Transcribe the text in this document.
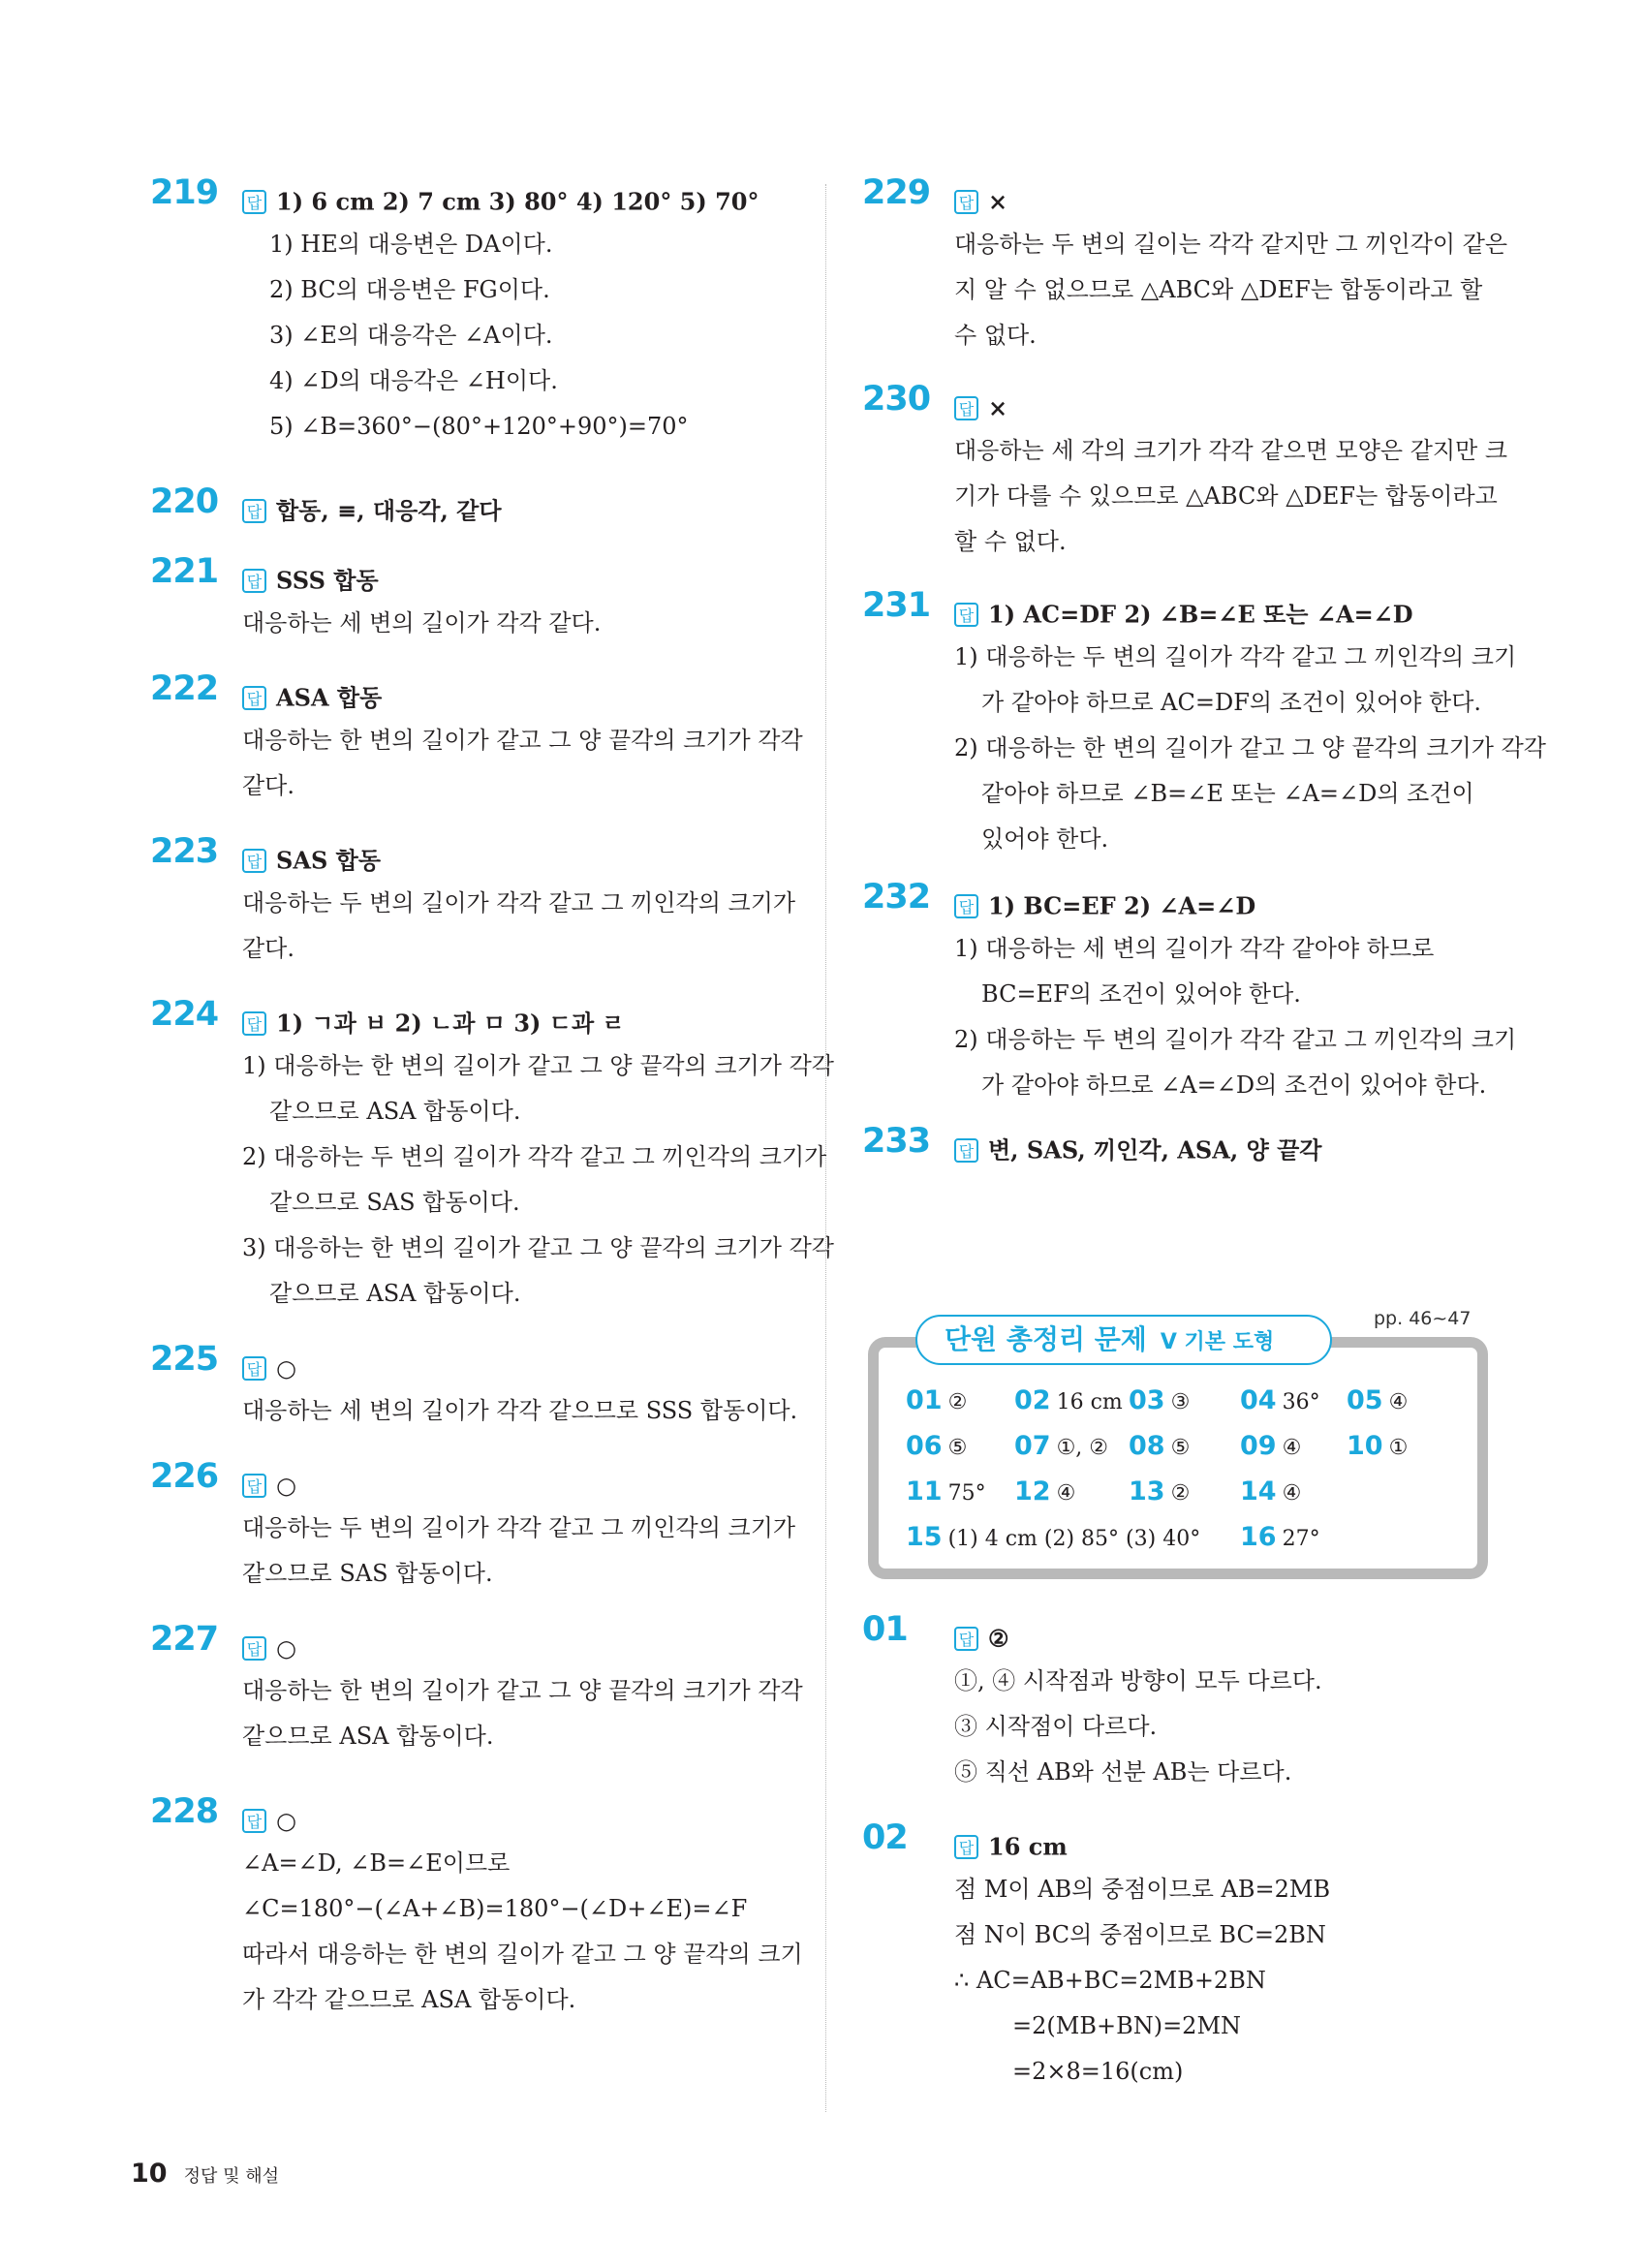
219 답 1) 6 cm 2) 7 cm 3) 80° 4) 120° 5) 70°
1) HE의 대응변은 DA이다.
2) BC의 대응변은 FG이다.
3) ∠E의 대응각은 ∠A이다.
4) ∠D의 대응각은 ∠H이다.
5) ∠B=360°−(80°+120°+90°)=70°
220 답 합동, ≡, 대응각, 같다
221 답 SSS 합동
대응하는 세 변의 길이가 각각 같다.
222 답 ASA 합동
대응하는 한 변의 길이가 같고 그 양 끝각의 크기가 각각
같다.
223 답 SAS 합동
대응하는 두 변의 길이가 각각 같고 그 끼인각의 크기가
같다.
224 답 1) ㄱ과 ㅂ 2) ㄴ과 ㅁ 3) ㄷ과 ㄹ
1) 대응하는 한 변의 길이가 같고 그 양 끝각의 크기가 각각
같으므로 ASA 합동이다.
2) 대응하는 두 변의 길이가 각각 같고 그 끼인각의 크기가
같으므로 SAS 합동이다.
3) 대응하는 한 변의 길이가 같고 그 양 끝각의 크기가 각각
같으므로 ASA 합동이다.
225 답 ○
대응하는 세 변의 길이가 각각 같으므로 SSS 합동이다.
226 답 ○
대응하는 두 변의 길이가 각각 같고 그 끼인각의 크기가
같으므로 SAS 합동이다.
227 답 ○
대응하는 한 변의 길이가 같고 그 양 끝각의 크기가 각각
같으므로 ASA 합동이다.
228 답 ○
∠A=∠D, ∠B=∠E이므로
∠C=180°−(∠A+∠B)=180°−(∠D+∠E)=∠F
따라서 대응하는 한 변의 길이가 같고 그 양 끝각의 크기
가 각각 같으므로 ASA 합동이다.
229 답 ×
대응하는 두 변의 길이는 각각 같지만 그 끼인각이 같은
지 알 수 없으므로 △ABC와 △DEF는 합동이라고 할
수 없다.
230 답 ×
대응하는 세 각의 크기가 각각 같으면 모양은 같지만 크
기가 다를 수 있으므로 △ABC와 △DEF는 합동이라고
할 수 없다.
231 답 1) AC=DF 2) ∠B=∠E 또는 ∠A=∠D
1) 대응하는 두 변의 길이가 각각 같고 그 끼인각의 크기
가 같아야 하므로 AC=DF의 조건이 있어야 한다.
2) 대응하는 한 변의 길이가 같고 그 양 끝각의 크기가 각각
같아야 하므로 ∠B=∠E 또는 ∠A=∠D의 조건이
있어야 한다.
232 답 1) BC=EF 2) ∠A=∠D
1) 대응하는 세 변의 길이가 각각 같아야 하므로
BC=EF의 조건이 있어야 한다.
2) 대응하는 두 변의 길이가 각각 같고 그 끼인각의 크기
가 같아야 하므로 ∠A=∠D의 조건이 있어야 한다.
233 답 변, SAS, 끼인각, ASA, 양 끝각
단원 총정리 문제 Ⅴ 기본 도형
pp. 46~47
01 ② 02 16 cm 03 ③ 04 36° 05 ④
06 ⑤ 07 ①, ② 08 ⑤ 09 ④ 10 ①
11 75° 12 ④ 13 ② 14 ④
15 (1) 4 cm (2) 85° (3) 40° 16 27°
01	답 ②
①, ④ 시작점과 방향이 모두 다르다.
③ 시작점이 다르다.
⑤ 직선 AB와 선분 AB는 다르다.
02	답 16 cm
점 M이 AB의 중점이므로 AB=2MB
점 N이 BC의 중점이므로 BC=2BN
∴ AC=AB+BC=2MB+2BN
=2(MB+BN)=2MN
=2×8=16(cm)
10 정답 및 해설
